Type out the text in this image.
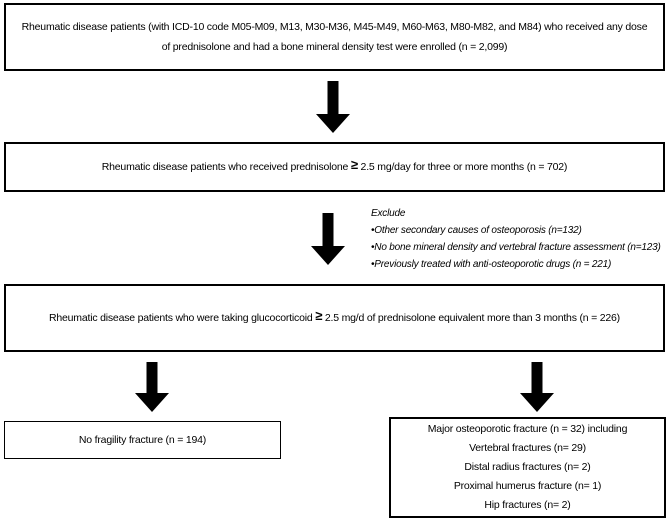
Rheumatic disease patients (with ICD-10 code M05-M09, M13, M30-M36, M45-M49, M60-M63, M80-M82, and M84) who received any dose of prednisolone and had a bone mineral density test were enrolled (n = 2,099)
Rheumatic disease patients who received prednisolone ≥ 2.5 mg/day for three or more months (n = 702)
Exclude
•Other secondary causes of osteoporosis (n=132)
•No bone mineral density and vertebral fracture assessment (n=123)
•Previously treated with anti-osteoporotic drugs (n = 221)
Rheumatic disease patients who were taking glucocorticoid ≥ 2.5 mg/d of prednisolone equivalent more than 3 months (n = 226)
No fragility fracture (n = 194)
Major osteoporotic fracture (n = 32) including
Vertebral fractures (n= 29)
Distal radius fractures (n= 2)
Proximal humerus fracture (n= 1)
Hip fractures (n= 2)
